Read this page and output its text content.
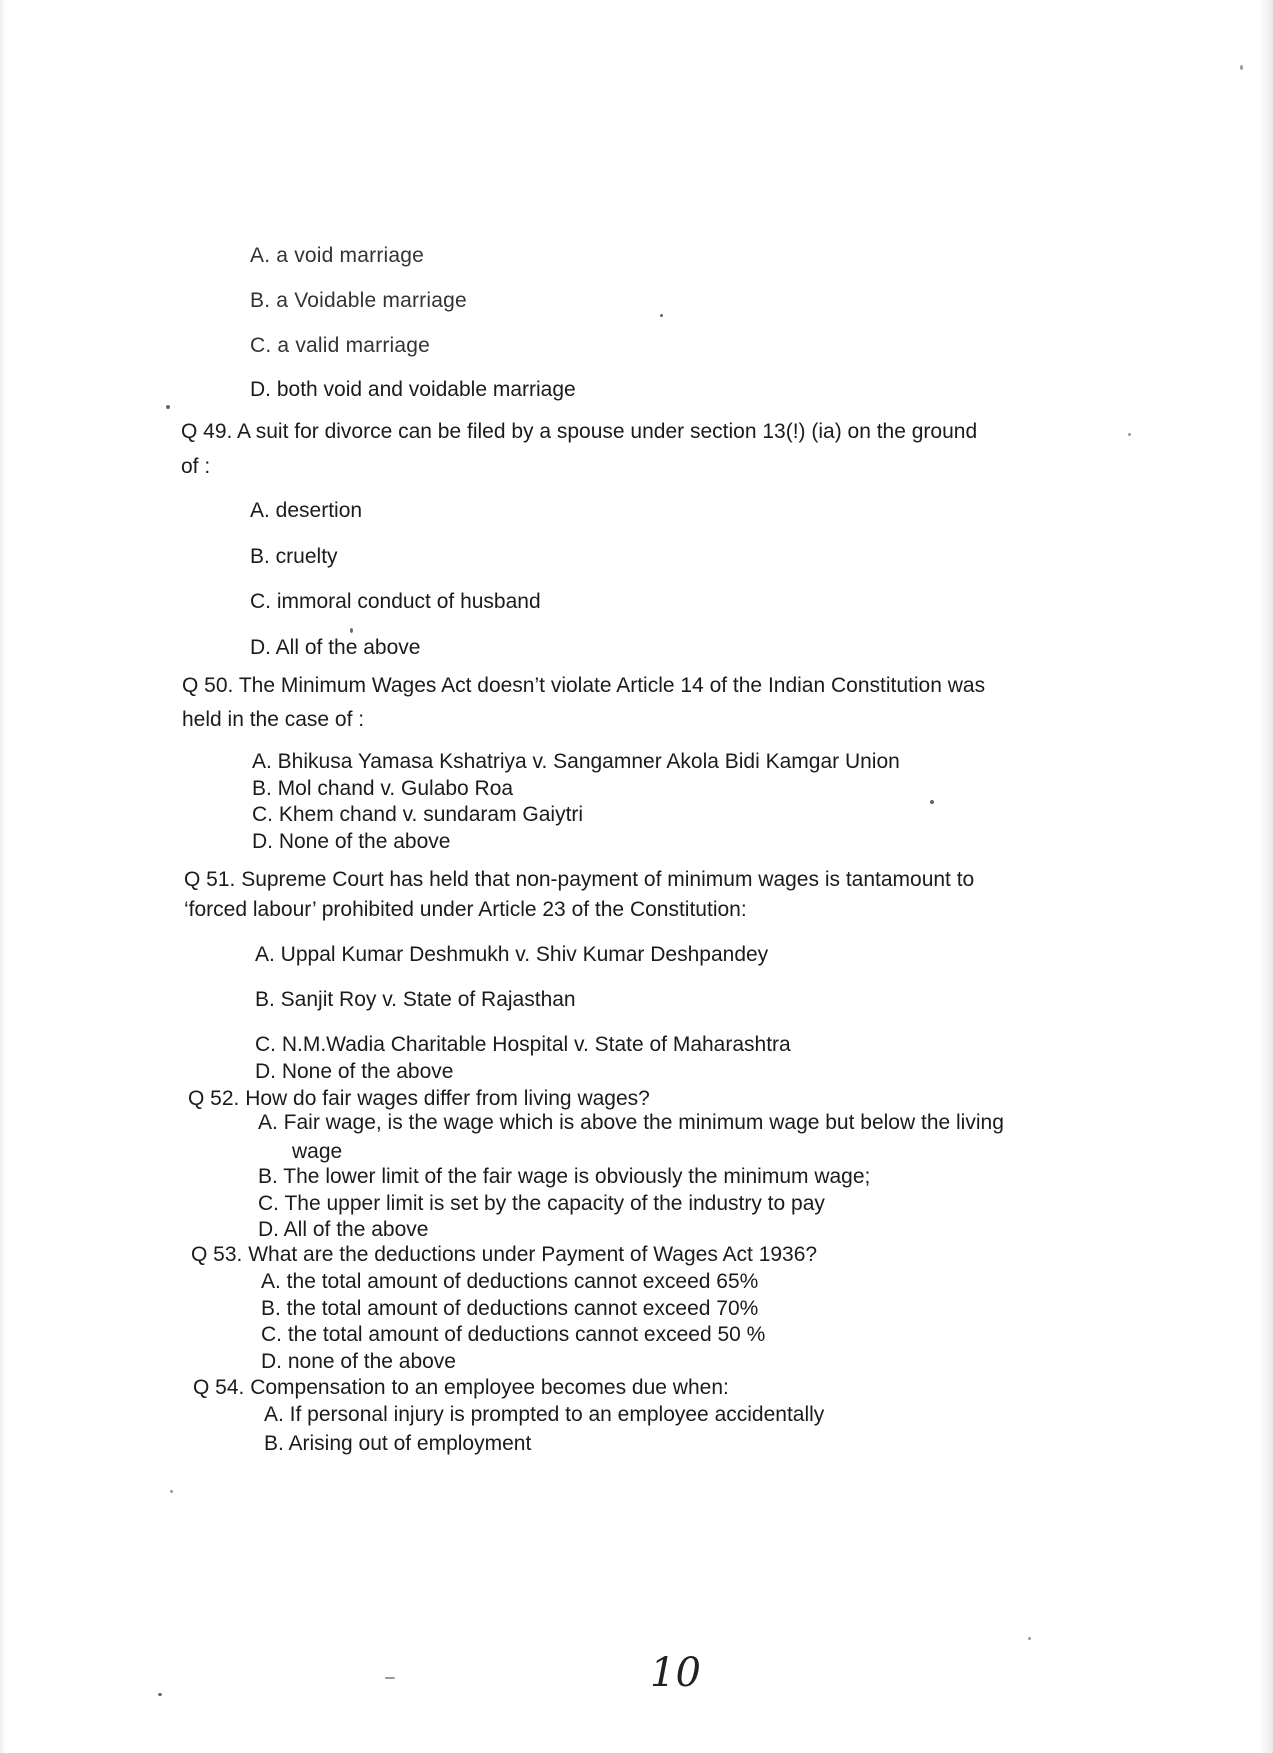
A. a void marriage
B. a Voidable marriage
C. a valid marriage
D. both void and voidable marriage
Q 49. A suit for divorce can be filed by a spouse under section 13(!) (ia) on the ground
of :
A. desertion
B. cruelty
C. immoral conduct of husband
D. All of the above
Q 50. The Minimum Wages Act doesn’t violate Article 14 of the Indian Constitution was
held in the case of :
A. Bhikusa Yamasa Kshatriya v. Sangamner Akola Bidi Kamgar Union
B. Mol chand v. Gulabo Roa
C. Khem chand v. sundaram Gaiytri
D. None of the above
Q 51. Supreme Court has held that non-payment of minimum wages is tantamount to
‘forced labour’ prohibited under Article 23 of the Constitution:
A. Uppal Kumar Deshmukh v. Shiv Kumar Deshpandey
B. Sanjit Roy v. State of Rajasthan
C. N.M.Wadia Charitable Hospital v. State of Maharashtra
D. None of the above
Q 52. How do fair wages differ from living wages?
A. Fair wage, is the wage which is above the minimum wage but below the living
wage
B. The lower limit of the fair wage is obviously the minimum wage;
C. The upper limit is set by the capacity of the industry to pay
D. All of the above
Q 53. What are the deductions under Payment of Wages Act 1936?
A. the total amount of deductions cannot exceed 65%
B. the total amount of deductions cannot exceed 70%
C. the total amount of deductions cannot exceed 50 %
D. none of the above
Q 54. Compensation to an employee becomes due when:
A. If personal injury is prompted to an employee accidentally
B. Arising out of employment
10
